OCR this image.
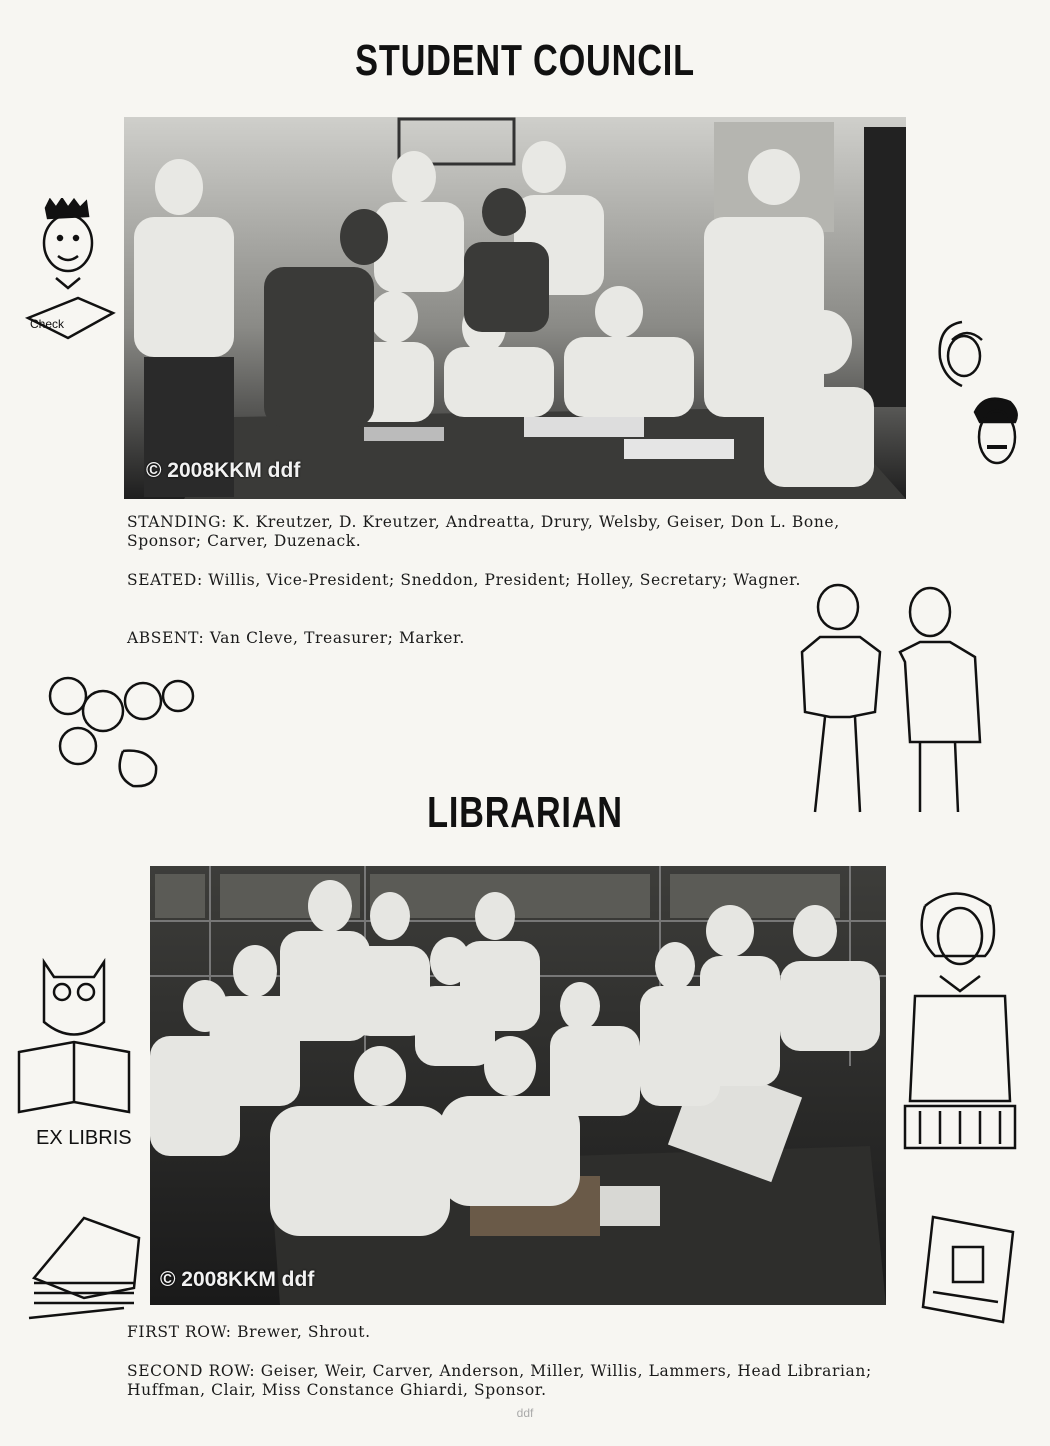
STUDENT COUNCIL
© 2008KKM ddf
STANDING: K. Kreutzer, D. Kreutzer, Andreatta, Drury, Welsby, Geiser, Don L. Bone, Sponsor; Carver, Duzenack.
SEATED: Willis, Vice-President; Sneddon, President; Holley, Secretary; Wagner.
ABSENT: Van Cleve, Treasurer; Marker.
LIBRARIAN
© 2008KKM ddf
FIRST ROW: Brewer, Shrout.
SECOND ROW: Geiser, Weir, Carver, Anderson, Miller, Willis, Lammers, Head Librarian; Huffman, Clair, Miss Constance Ghiardi, Sponsor.
ddf
Check
EX LIBRIS
